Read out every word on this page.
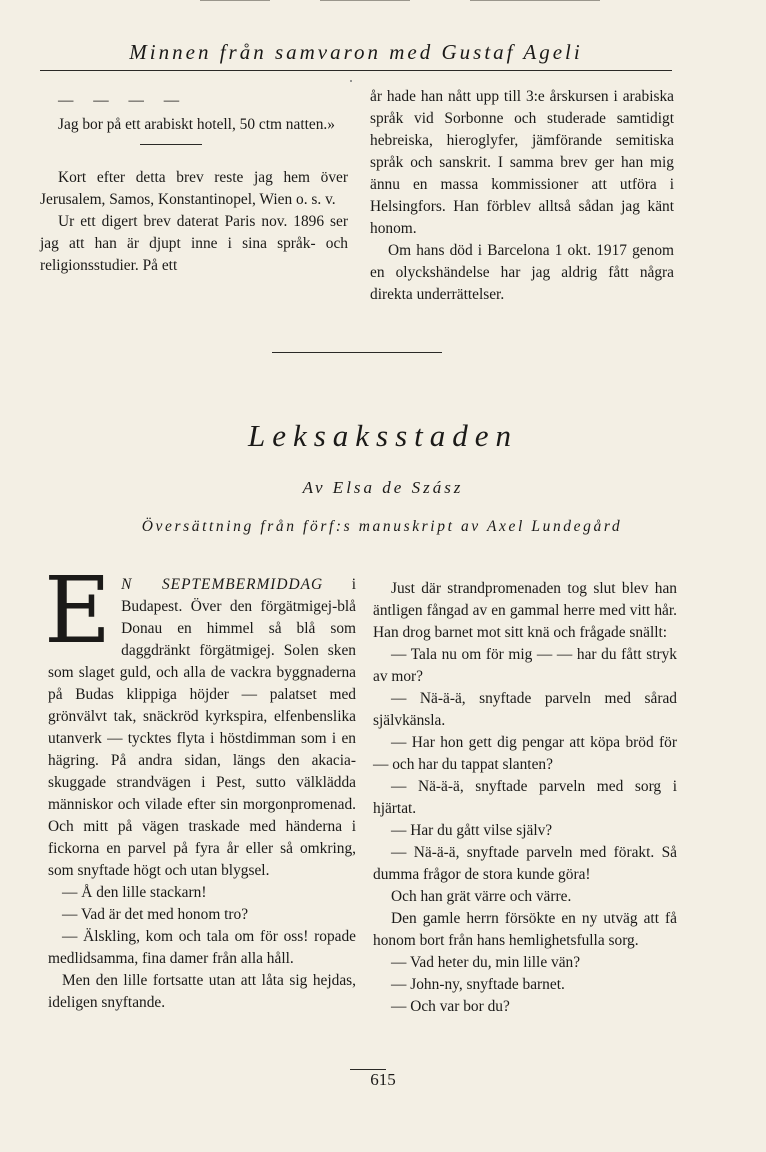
Minnen från samvaron med Gustaf Ageli

— — — —

Jag bor på ett arabiskt hotell, 50 ctm natten.»

Kort efter detta brev reste jag hem över Jerusalem, Samos, Konstantinopel, Wien o. s. v.

Ur ett digert brev daterat Paris nov. 1896 ser jag att han är djupt inne i sina språk- och religionsstudier. På ett

år hade han nått upp till 3:e årskursen i arabiska språk vid Sorbonne och studerade samtidigt hebreiska, hieroglyfer, jämförande semitiska språk och sanskrit. I samma brev ger han mig ännu en massa kommissioner att utföra i Helsingfors. Han förblev alltså sådan jag känt honom.

Om hans död i Barcelona 1 okt. 1917 genom en olyckshändelse har jag aldrig fått några direkta underrättelser.

Leksaksstaden
Av Elsa de Szász
Översättning från förf:s manuskript av Axel Lundegård

E N SEPTEMBERMIDDAG i Budapest. Över den förgätmigej-blå Donau en himmel så blå som daggdränkt förgätmigej. Solen sken som slaget guld, och alla de vackra byggnaderna på Budas klippiga höjder — palatset med grönvälvt tak, snäckröd kyrkspira, elfenbenslika utanverk — tycktes flyta i höstdimman som i en hägring. På andra sidan, längs den akacia-skuggade strandvägen i Pest, sutto välklädda människor och vilade efter sin morgonpromenad. Och mitt på vägen traskade med händerna i fickorna en parvel på fyra år eller så omkring, som snyftade högt och utan blygsel.

— Å den lille stackarn!

— Vad är det med honom tro?

— Älskling, kom och tala om för oss! ropade medlidsamma, fina damer från alla håll.

Men den lille fortsatte utan att låta sig hejdas, ideligen snyftande.

Just där strandpromenaden tog slut blev han äntligen fångad av en gammal herre med vitt hår. Han drog barnet mot sitt knä och frågade snällt:

— Tala nu om för mig — — har du fått stryk av mor?

— Nä-ä-ä, snyftade parveln med sårad självkänsla.

— Har hon gett dig pengar att köpa bröd för — och har du tappat slanten?

— Nä-ä-ä, snyftade parveln med sorg i hjärtat.

— Har du gått vilse själv?

— Nä-ä-ä, snyftade parveln med förakt. Så dumma frågor de stora kunde göra!

Och han grät värre och värre.

Den gamle herrn försökte en ny utväg att få honom bort från hans hemlighetsfulla sorg.

— Vad heter du, min lille vän?

— John-ny, snyftade barnet.

— Och var bor du?

615
